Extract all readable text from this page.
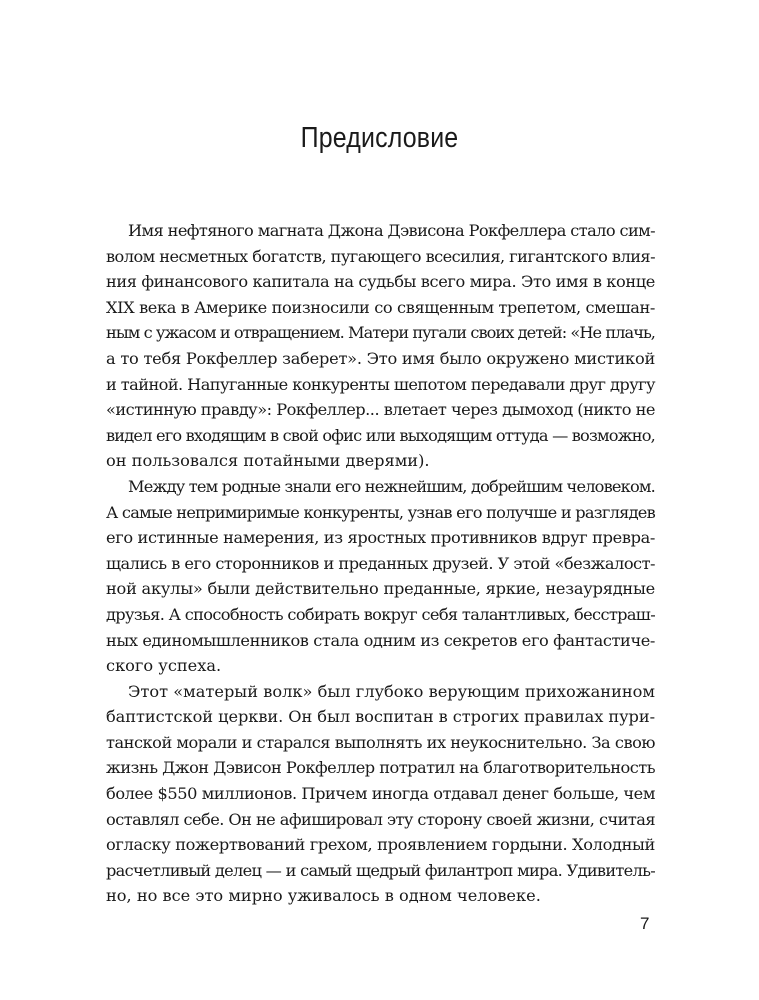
Предисловие
Имя нефтяного магната Джона Дэвисона Рокфеллера стало сим-
волом несметных богатств, пугающего всесилия, гигантского влия-
ния финансового капитала на судьбы всего мира. Это имя в конце
XIX века в Америке поизносили со священным трепетом, смешан-
ным с ужасом и отвращением. Матери пугали своих детей: «Не плачь,
а то тебя Рокфеллер заберет». Это имя было окружено мистикой
и тайной. Напуганные конкуренты шепотом передавали друг другу
«истинную правду»: Рокфеллер... влетает через дымоход (никто не
видел его входящим в свой офис или выходящим оттуда — возможно,
он пользовался потайными дверями).
Между тем родные знали его нежнейшим, добрейшим человеком.
А самые непримиримые конкуренты, узнав его получше и разглядев
его истинные намерения, из яростных противников вдруг превра-
щались в его сторонников и преданных друзей. У этой «безжалост-
ной акулы» были действительно преданные, яркие, незаурядные
друзья. А способность собирать вокруг себя талантливых, бесстраш-
ных единомышленников стала одним из секретов его фантастиче-
ского успеха.
Этот «матерый волк» был глубоко верующим прихожанином
баптистской церкви. Он был воспитан в строгих правилах пури-
танской морали и старался выполнять их неукоснительно. За свою
жизнь Джон Дэвисон Рокфеллер потратил на благотворительность
более $550 миллионов. Причем иногда отдавал денег больше, чем
оставлял себе. Он не афишировал эту сторону своей жизни, считая
огласку пожертвований грехом, проявлением гордыни. Холодный
расчетливый делец — и самый щедрый филантроп мира. Удивитель-
но, но все это мирно уживалось в одном человеке.
7
